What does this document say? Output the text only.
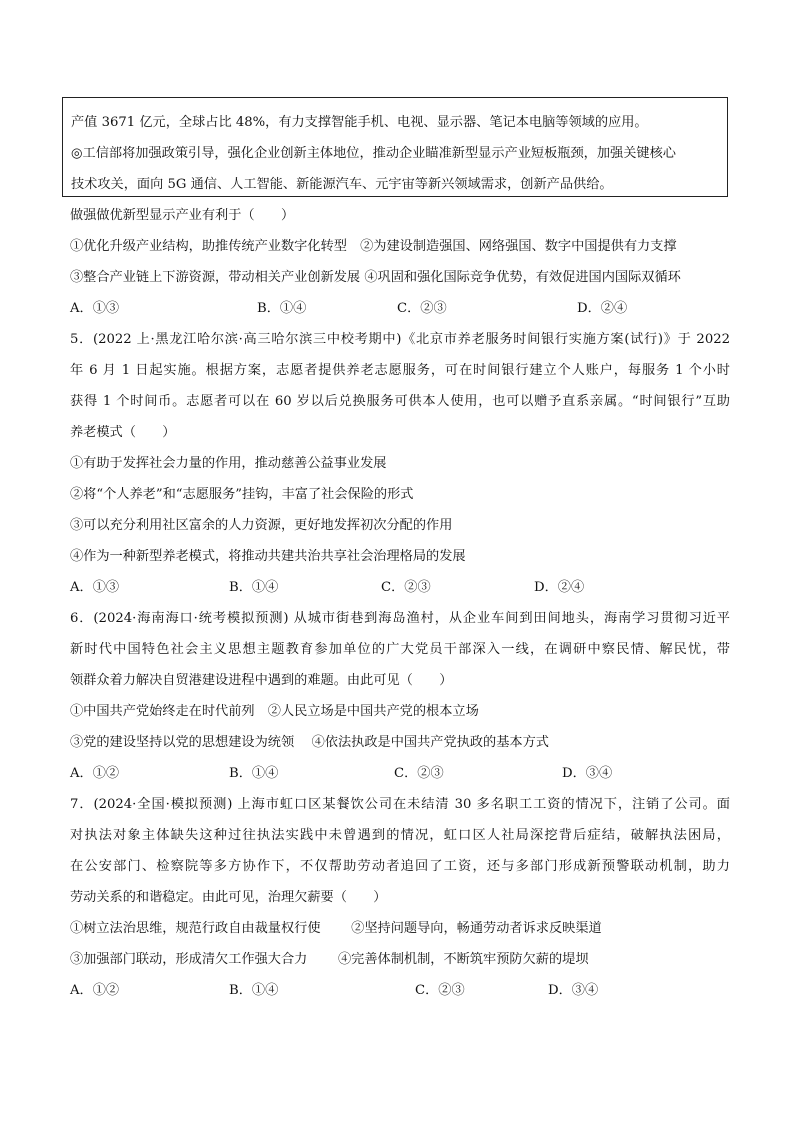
产值 3671 亿元，全球占比 48%，有力支撑智能手机、电视、显示器、笔记本电脑等领域的应用。

◎工信部将加强政策引导，强化企业创新主体地位，推动企业瞄准新型显示产业短板瓶颈，加强关键核心

技术攻关，面向 5G 通信、人工智能、新能源汽车、元宇宙等新兴领域需求，创新产品供给。

做强做优新型显示产业有利于（　　）

①优化升级产业结构，助推传统产业数字化转型　②为建设制造强国、网络强国、数字中国提供有力支撑

③整合产业链上下游资源，带动相关产业创新发展 ④巩固和强化国际竞争优势，有效促进国内国际双循环

A．①③	B．①④	C．②③	D．②④

5．(2022 上·黑龙江哈尔滨·高三哈尔滨三中校考期中)《北京市养老服务时间银行实施方案(试行)》于 2022

年 6 月 1 日起实施。根据方案，志愿者提供养老志愿服务，可在时间银行建立个人账户，每服务 1 个小时

获得 1 个时间币。志愿者可以在 60 岁以后兑换服务可供本人使用，也可以赠予直系亲属。“时间银行”互助

养老模式（　　）

①有助于发挥社会力量的作用，推动慈善公益事业发展

②将“个人养老”和“志愿服务”挂钩，丰富了社会保险的形式

③可以充分利用社区富余的人力资源，更好地发挥初次分配的作用

④作为一种新型养老模式，将推动共建共治共享社会治理格局的发展

A．①③	B．①④	C．②③	D．②④

6．(2024·海南海口·统考模拟预测) 从城市街巷到海岛渔村，从企业车间到田间地头，海南学习贯彻习近平

新时代中国特色社会主义思想主题教育参加单位的广大党员干部深入一线，在调研中察民情、解民忧，带

领群众着力解决自贸港建设进程中遇到的难题。由此可见（　　）

①中国共产党始终走在时代前列　②人民立场是中国共产党的根本立场

③党的建设坚持以党的思想建设为统领　 ④依法执政是中国共产党执政的基本方式

A．①②	B．①④	C．②③	D．③④

7．(2024·全国·模拟预测) 上海市虹口区某餐饮公司在未结清 30 多名职工工资的情况下，注销了公司。面

对执法对象主体缺失这种过往执法实践中未曾遇到的情况，虹口区人社局深挖背后症结，破解执法困局，

在公安部门、检察院等多方协作下，不仅帮助劳动者追回了工资，还与多部门形成新预警联动机制，助力

劳动关系的和谐稳定。由此可见，治理欠薪要（　　）

①树立法治思维，规范行政自由裁量权行使　　 ②坚持问题导向，畅通劳动者诉求反映渠道

③加强部门联动，形成清欠工作强大合力　　 ④完善体制机制，不断筑牢预防欠薪的堤坝

A．①②	B．①④	C．②③	D．③④
